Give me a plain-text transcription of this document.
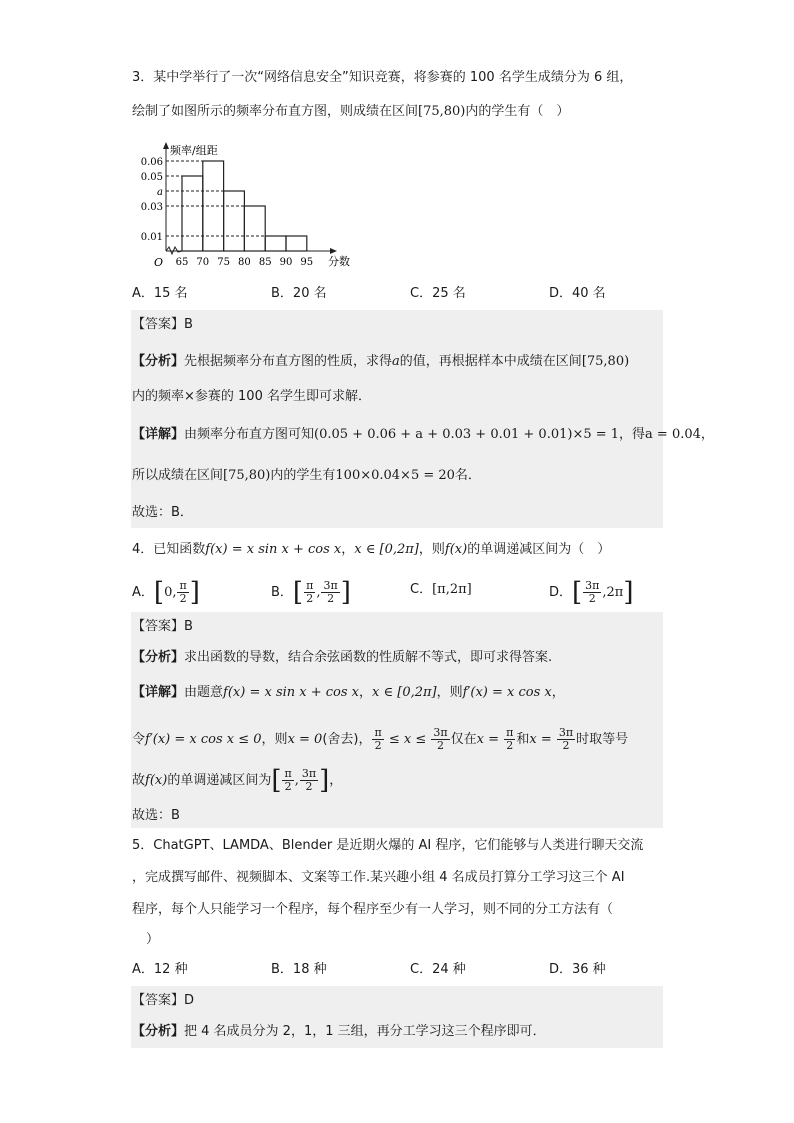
3．某中学举行了一次“网络信息安全”知识竞赛，将参赛的 100 名学生成绩分为 6 组，
绘制了如图所示的频率分布直方图，则成绩在区间[75,80)内的学生有（　）
0.06
0.05
a
0.03
0.01
65 70 75 80 85 90 95
频率/组距
分数
O
A．15 名	B．20 名	C．25 名	D．40 名
【答案】B
【分析】先根据频率分布直方图的性质，求得a的值，再根据样本中成绩在区间[75,80)
内的频率×参赛的 100 名学生即可求解．
【详解】由频率分布直方图可知(0.05 + 0.06 + a + 0.03 + 0.01 + 0.01)×5 = 1，得a = 0.04，
所以成绩在区间[75,80)内的学生有100×0.04×5 = 20名．
故选：B．
4．已知函数f(x) = x sin x + cos x，x ∈ [0,2π]，则f(x)的单调递减区间为（　）
A．[0, $\frac{\pi}{2}$ ]	B．[ $\frac{\pi}{2}$ , $\frac{3\pi}{2}$ ]	C．[π,2π]	D．[ $\frac{3\pi}{2} ,2\pi$]
【答案】B
【分析】求出函数的导数，结合余弦函数的性质解不等式，即可求得答案.
【详解】由题意f(x) = x sin x + cos x，x ∈ [0,2π]，则f′(x) = x cos x，
令f′(x) = x cos x ≤ 0，则x = 0(舍去)， $\frac{\pi}{2} \le x \le \frac{3\pi}{2}$ 仅在$x = \frac{\pi}{2}$ 和$x = \frac{3\pi}{2}$ 时取等号
故f(x)的单调递减区间为[ $\frac{\pi}{2}$ , $\frac{3\pi}{2}$ ]，
故选：B
5．ChatGPT、LAMDA、Blender 是近期火爆的 AI 程序，它们能够与人类进行聊天交流
，完成撰写邮件、视频脚本、文案等工作.某兴趣小组 4 名成员打算分工学习这三个 AI
程序，每个人只能学习一个程序，每个程序至少有一人学习，则不同的分工方法有（
）
A．12 种	B．18 种	C．24 种	D．36 种
【答案】D
【分析】把 4 名成员分为 2，1，1 三组，再分工学习这三个程序即可．
